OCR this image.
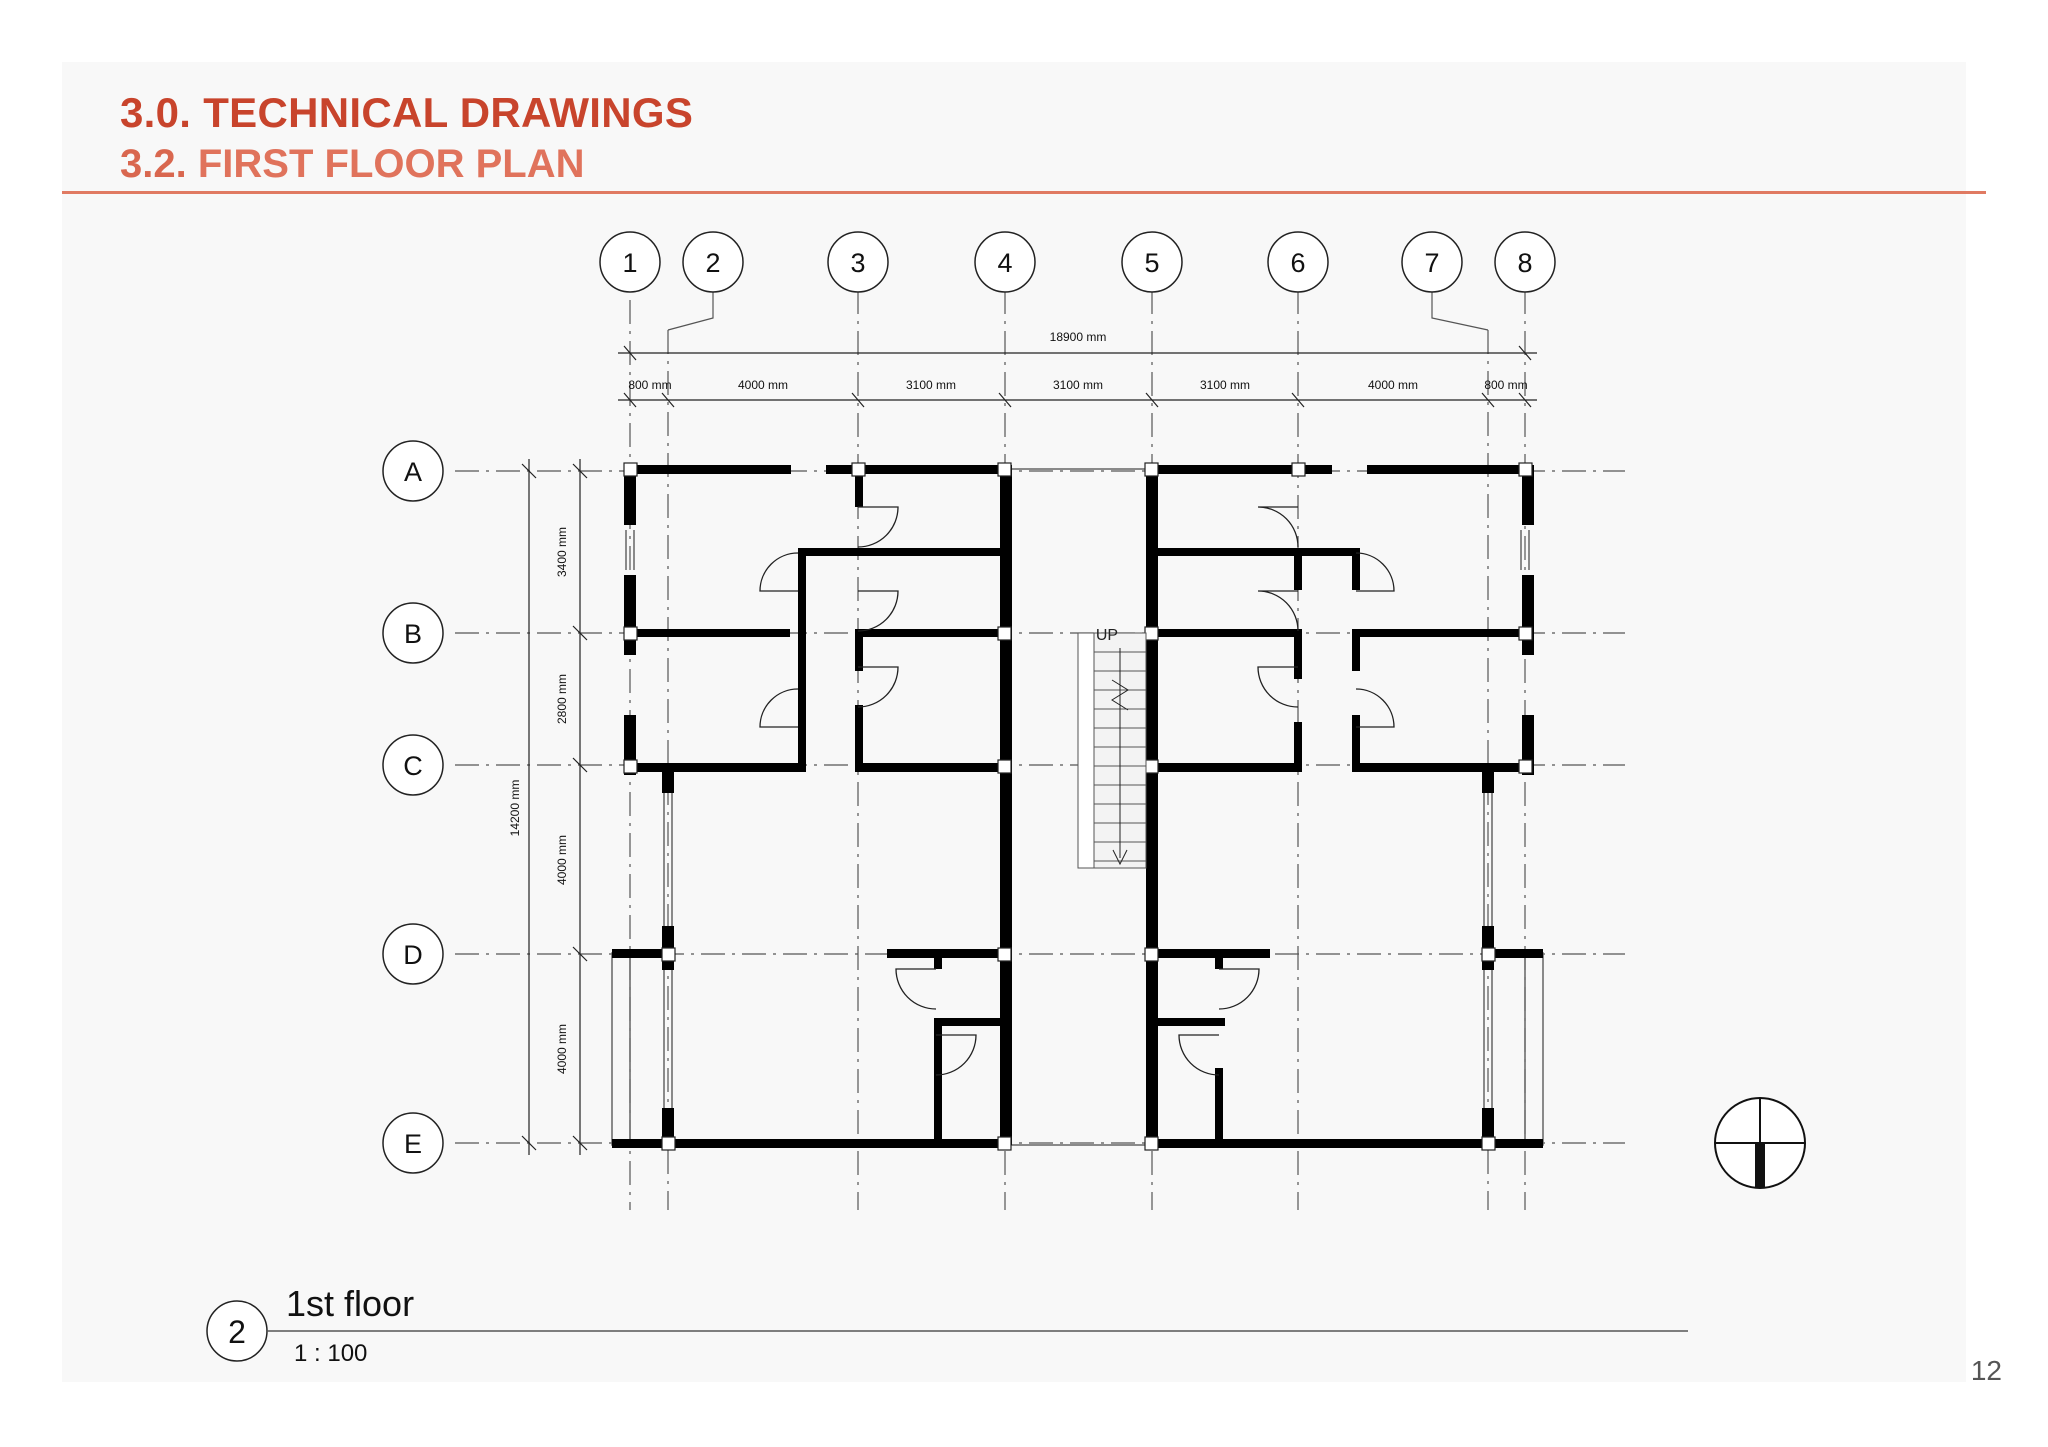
3.0. TECHNICAL DRAWINGS
3.2. FIRST FLOOR PLAN
1	2	3	4	5	6	7	8
A
B
C
D
E
18900 mm
800 mm	4000 mm	3100 mm	3100 mm	3100 mm	4000 mm	800 mm
14200 mm
3400 mm
2800 mm
4000 mm
4000 mm
UP
2
1st floor
1 : 100
12
